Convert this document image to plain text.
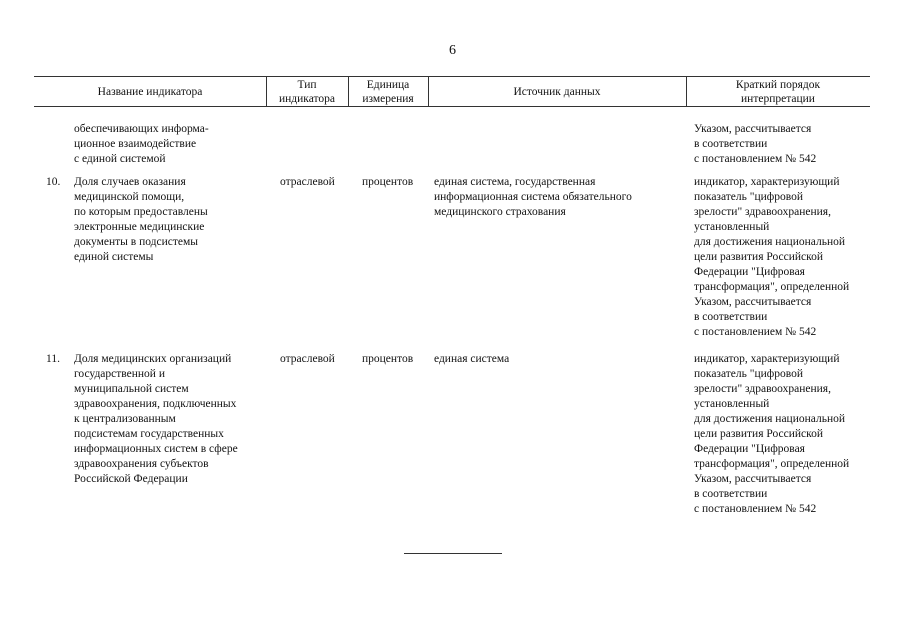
6
Название индикатора
Тип
индикатора
Единица
измерения
Источник данных
Краткий порядок
интерпретации
обеспечивающих информа-
ционное взаимодействие
с единой системой
Указом, рассчитывается
в соответствии
с постановлением № 542
10. Доля случаев оказания
медицинской помощи,
по которым предоставлены
электронные медицинские
документы в подсистемы
единой системы
отраслевой процентов единая система, государственная
информационная система обязательного
медицинского страхования
индикатор, характеризующий
показатель "цифровой
зрелости" здравоохранения,
установленный
для достижения национальной
цели развития Российской
Федерации "Цифровая
трансформация", определенной
Указом, рассчитывается
в соответствии
с постановлением № 542
11. Доля медицинских организаций
государственной и
муниципальной систем
здравоохранения, подключенных
к централизованным
подсистемам государственных
информационных систем в сфере
здравоохранения субъектов
Российской Федерации
отраслевой процентов единая система	индикатор, характеризующий
показатель "цифровой
зрелости" здравоохранения,
установленный
для достижения национальной
цели развития Российской
Федерации "Цифровая
трансформация", определенной
Указом, рассчитывается
в соответствии
с постановлением № 542
